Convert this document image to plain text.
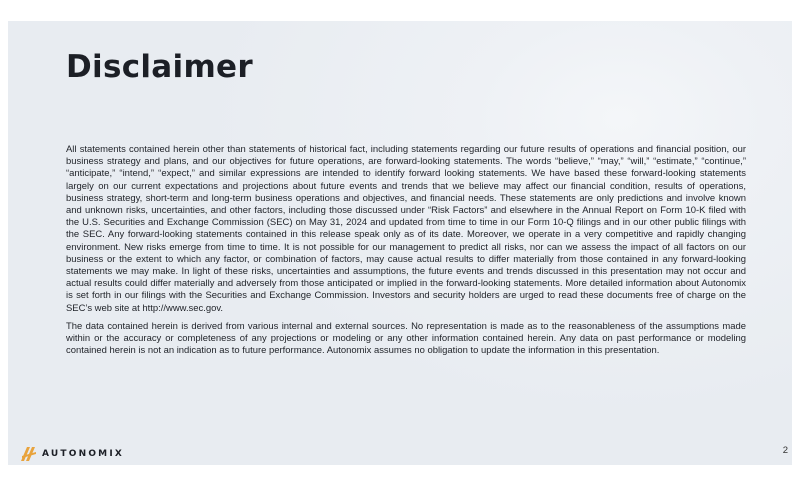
Disclaimer

All statements contained herein other than statements of historical fact, including statements regarding our future results of operations and financial position, our business strategy and plans, and our objectives for future operations, are forward-looking statements. The words “believe,” “may,” “will,” “estimate,” “continue,” “anticipate,” “intend,” “expect,” and similar expressions are intended to identify forward looking statements. We have based these forward-looking statements largely on our current expectations and projections about future events and trends that we believe may affect our financial condition, results of operations, business strategy, short-term and long-term business operations and objectives, and financial needs. These statements are only predictions and involve known and unknown risks, uncertainties, and other factors, including those discussed under “Risk Factors” and elsewhere in the Annual Report on Form 10-K filed with the U.S. Securities and Exchange Commission (SEC) on May 31, 2024 and updated from time to time in our Form 10-Q filings and in our other public filings with the SEC. Any forward-looking statements contained in this release speak only as of its date. Moreover, we operate in a very competitive and rapidly changing environment. New risks emerge from time to time. It is not possible for our management to predict all risks, nor can we assess the impact of all factors on our business or the extent to which any factor, or combination of factors, may cause actual results to differ materially from those contained in any forward-looking statements we may make. In light of these risks, uncertainties and assumptions, the future events and trends discussed in this presentation may not occur and actual results could differ materially and adversely from those anticipated or implied in the forward-looking statements. More detailed information about Autonomix is set forth in our filings with the Securities and Exchange Commission. Investors and security holders are urged to read these documents free of charge on the SEC’s web site at http://www.sec.gov.

The data contained herein is derived from various internal and external sources. No representation is made as to the reasonableness of the assumptions made within or the accuracy or completeness of any projections or modeling or any other information contained herein. Any data on past performance or modeling contained herein is not an indication as to future performance. Autonomix assumes no obligation to update the information in this presentation.

AUTONOMIX	2
